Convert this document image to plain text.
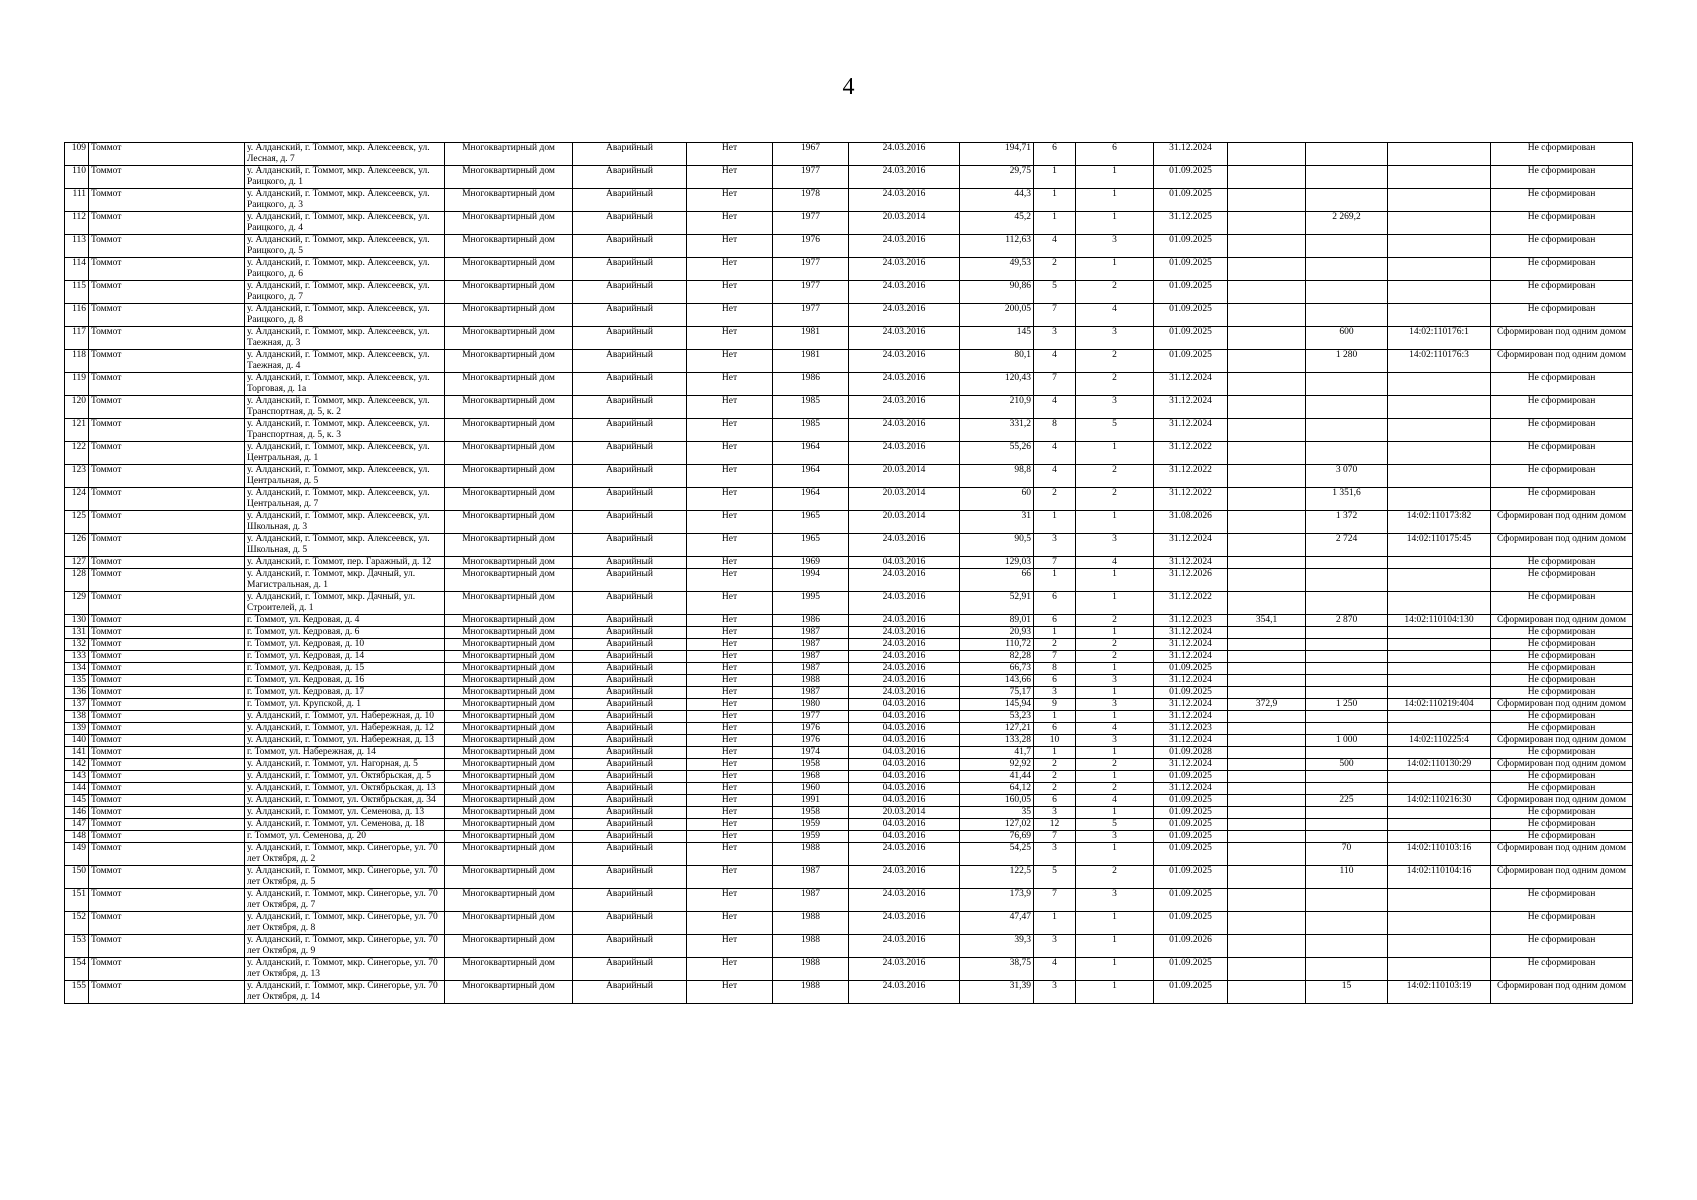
4
109	Томмот	у. Алданский, г. Томмот, мкр. Алексеевск, ул. Лесная, д. 7	Многоквартирный дом	Аварийный	Нет	1967	24.03.2016	194,71	6	6	31.12.2024				Не сформирован
110	Томмот	у. Алданский, г. Томмот, мкр. Алексеевск, ул. Раицкого, д. 1	Многоквартирный дом	Аварийный	Нет	1977	24.03.2016	29,75	1	1	01.09.2025				Не сформирован
111	Томмот	у. Алданский, г. Томмот, мкр. Алексеевск, ул. Раицкого, д. 3	Многоквартирный дом	Аварийный	Нет	1978	24.03.2016	44,3	1	1	01.09.2025				Не сформирован
112	Томмот	у. Алданский, г. Томмот, мкр. Алексеевск, ул. Раицкого, д. 4	Многоквартирный дом	Аварийный	Нет	1977	20.03.2014	45,2	1	1	31.12.2025		2 269,2		Не сформирован
113	Томмот	у. Алданский, г. Томмот, мкр. Алексеевск, ул. Раицкого, д. 5	Многоквартирный дом	Аварийный	Нет	1976	24.03.2016	112,63	4	3	01.09.2025				Не сформирован
114	Томмот	у. Алданский, г. Томмот, мкр. Алексеевск, ул. Раицкого, д. 6	Многоквартирный дом	Аварийный	Нет	1977	24.03.2016	49,53	2	1	01.09.2025				Не сформирован
115	Томмот	у. Алданский, г. Томмот, мкр. Алексеевск, ул. Раицкого, д. 7	Многоквартирный дом	Аварийный	Нет	1977	24.03.2016	90,86	5	2	01.09.2025				Не сформирован
116	Томмот	у. Алданский, г. Томмот, мкр. Алексеевск, ул. Раицкого, д. 8	Многоквартирный дом	Аварийный	Нет	1977	24.03.2016	200,05	7	4	01.09.2025				Не сформирован
117	Томмот	у. Алданский, г. Томмот, мкр. Алексеевск, ул. Таежная, д. 3	Многоквартирный дом	Аварийный	Нет	1981	24.03.2016	145	3	3	01.09.2025		600	14:02:110176:1	Сформирован под одним домом
118	Томмот	у. Алданский, г. Томмот, мкр. Алексеевск, ул. Таежная, д. 4	Многоквартирный дом	Аварийный	Нет	1981	24.03.2016	80,1	4	2	01.09.2025		1 280	14:02:110176:3	Сформирован под одним домом
119	Томмот	у. Алданский, г. Томмот, мкр. Алексеевск, ул. Торговая, д. 1а	Многоквартирный дом	Аварийный	Нет	1986	24.03.2016	120,43	7	2	31.12.2024				Не сформирован
120	Томмот	у. Алданский, г. Томмот, мкр. Алексеевск, ул. Транспортная, д. 5, к. 2	Многоквартирный дом	Аварийный	Нет	1985	24.03.2016	210,9	4	3	31.12.2024				Не сформирован
121	Томмот	у. Алданский, г. Томмот, мкр. Алексеевск, ул. Транспортная, д. 5, к. 3	Многоквартирный дом	Аварийный	Нет	1985	24.03.2016	331,2	8	5	31.12.2024				Не сформирован
122	Томмот	у. Алданский, г. Томмот, мкр. Алексеевск, ул. Центральная, д. 1	Многоквартирный дом	Аварийный	Нет	1964	24.03.2016	55,26	4	1	31.12.2022				Не сформирован
123	Томмот	у. Алданский, г. Томмот, мкр. Алексеевск, ул. Центральная, д. 5	Многоквартирный дом	Аварийный	Нет	1964	20.03.2014	98,8	4	2	31.12.2022		3 070		Не сформирован
124	Томмот	у. Алданский, г. Томмот, мкр. Алексеевск, ул. Центральная, д. 7	Многоквартирный дом	Аварийный	Нет	1964	20.03.2014	60	2	2	31.12.2022		1 351,6		Не сформирован
125	Томмот	у. Алданский, г. Томмот, мкр. Алексеевск, ул. Школьная, д. 3	Многоквартирный дом	Аварийный	Нет	1965	20.03.2014	31	1	1	31.08.2026		1 372	14:02:110173:82	Сформирован под одним домом
126	Томмот	у. Алданский, г. Томмот, мкр. Алексеевск, ул. Школьная, д. 5	Многоквартирный дом	Аварийный	Нет	1965	24.03.2016	90,5	3	3	31.12.2024		2 724	14:02:110175:45	Сформирован под одним домом
127	Томмот	у. Алданский, г. Томмот, пер. Гаражный, д. 12	Многоквартирный дом	Аварийный	Нет	1969	04.03.2016	129,03	7	4	31.12.2024				Не сформирован
128	Томмот	у. Алданский, г. Томмот, мкр. Дачный, ул. Магистральная, д. 1	Многоквартирный дом	Аварийный	Нет	1994	24.03.2016	66	1	1	31.12.2026				Не сформирован
129	Томмот	у. Алданский, г. Томмот, мкр. Дачный, ул. Строителей, д. 1	Многоквартирный дом	Аварийный	Нет	1995	24.03.2016	52,91	6	1	31.12.2022				Не сформирован
130	Томмот	г. Томмот, ул. Кедровая, д. 4	Многоквартирный дом	Аварийный	Нет	1986	24.03.2016	89,01	6	2	31.12.2023	354,1	2 870	14:02:110104:130	Сформирован под одним домом
131	Томмот	г. Томмот, ул. Кедровая, д. 6	Многоквартирный дом	Аварийный	Нет	1987	24.03.2016	20,93	1	1	31.12.2024				Не сформирован
132	Томмот	г. Томмот, ул. Кедровая, д. 10	Многоквартирный дом	Аварийный	Нет	1987	24.03.2016	110,72	2	2	31.12.2024				Не сформирован
133	Томмот	г. Томмот, ул. Кедровая, д. 14	Многоквартирный дом	Аварийный	Нет	1987	24.03.2016	82,28	7	2	31.12.2024				Не сформирован
134	Томмот	г. Томмот, ул. Кедровая, д. 15	Многоквартирный дом	Аварийный	Нет	1987	24.03.2016	66,73	8	1	01.09.2025				Не сформирован
135	Томмот	г. Томмот, ул. Кедровая, д. 16	Многоквартирный дом	Аварийный	Нет	1988	24.03.2016	143,66	6	3	31.12.2024				Не сформирован
136	Томмот	г. Томмот, ул. Кедровая, д. 17	Многоквартирный дом	Аварийный	Нет	1987	24.03.2016	75,17	3	1	01.09.2025				Не сформирован
137	Томмот	г. Томмот, ул. Крупской, д. 1	Многоквартирный дом	Аварийный	Нет	1980	04.03.2016	145,94	9	3	31.12.2024	372,9	1 250	14:02:110219:404	Сформирован под одним домом
138	Томмот	у. Алданский, г. Томмот, ул. Набережная, д. 10	Многоквартирный дом	Аварийный	Нет	1977	04.03.2016	53,23	1	1	31.12.2024				Не сформирован
139	Томмот	у. Алданский, г. Томмот, ул. Набережная, д. 12	Многоквартирный дом	Аварийный	Нет	1976	04.03.2016	127,21	6	4	31.12.2023				Не сформирован
140	Томмот	у. Алданский, г. Томмот, ул. Набережная, д. 13	Многоквартирный дом	Аварийный	Нет	1976	04.03.2016	133,28	10	3	31.12.2024		1 000	14:02:110225:4	Сформирован под одним домом
141	Томмот	г. Томмот, ул. Набережная, д. 14	Многоквартирный дом	Аварийный	Нет	1974	04.03.2016	41,7	1	1	01.09.2028				Не сформирован
142	Томмот	у. Алданский, г. Томмот, ул. Нагорная, д. 5	Многоквартирный дом	Аварийный	Нет	1958	04.03.2016	92,92	2	2	31.12.2024		500	14:02:110130:29	Сформирован под одним домом
143	Томмот	у. Алданский, г. Томмот, ул. Октябрьская, д. 5	Многоквартирный дом	Аварийный	Нет	1968	04.03.2016	41,44	2	1	01.09.2025				Не сформирован
144	Томмот	у. Алданский, г. Томмот, ул. Октябрьская, д. 13	Многоквартирный дом	Аварийный	Нет	1960	04.03.2016	64,12	2	2	31.12.2024				Не сформирован
145	Томмот	у. Алданский, г. Томмот, ул. Октябрьская, д. 34	Многоквартирный дом	Аварийный	Нет	1991	04.03.2016	160,05	6	4	01.09.2025		225	14:02:110216:30	Сформирован под одним домом
146	Томмот	у. Алданский, г. Томмот, ул. Семенова, д. 13	Многоквартирный дом	Аварийный	Нет	1958	20.03.2014	35	3	1	01.09.2025				Не сформирован
147	Томмот	у. Алданский, г. Томмот, ул. Семенова, д. 18	Многоквартирный дом	Аварийный	Нет	1959	04.03.2016	127,02	12	5	01.09.2025				Не сформирован
148	Томмот	г. Томмот, ул. Семенова, д. 20	Многоквартирный дом	Аварийный	Нет	1959	04.03.2016	76,69	7	3	01.09.2025				Не сформирован
149	Томмот	у. Алданский, г. Томмот, мкр. Синегорье, ул. 70 лет Октября, д. 2	Многоквартирный дом	Аварийный	Нет	1988	24.03.2016	54,25	3	1	01.09.2025		70	14:02:110103:16	Сформирован под одним домом
150	Томмот	у. Алданский, г. Томмот, мкр. Синегорье, ул. 70 лет Октября, д. 5	Многоквартирный дом	Аварийный	Нет	1987	24.03.2016	122,5	5	2	01.09.2025		110	14:02:110104:16	Сформирован под одним домом
151	Томмот	у. Алданский, г. Томмот, мкр. Синегорье, ул. 70 лет Октября, д. 7	Многоквартирный дом	Аварийный	Нет	1987	24.03.2016	173,9	7	3	01.09.2025				Не сформирован
152	Томмот	у. Алданский, г. Томмот, мкр. Синегорье, ул. 70 лет Октября, д. 8	Многоквартирный дом	Аварийный	Нет	1988	24.03.2016	47,47	1	1	01.09.2025				Не сформирован
153	Томмот	у. Алданский, г. Томмот, мкр. Синегорье, ул. 70 лет Октября, д. 9	Многоквартирный дом	Аварийный	Нет	1988	24.03.2016	39,3	3	1	01.09.2026				Не сформирован
154	Томмот	у. Алданский, г. Томмот, мкр. Синегорье, ул. 70 лет Октября, д. 13	Многоквартирный дом	Аварийный	Нет	1988	24.03.2016	38,75	4	1	01.09.2025				Не сформирован
155	Томмот	у. Алданский, г. Томмот, мкр. Синегорье, ул. 70 лет Октября, д. 14	Многоквартирный дом	Аварийный	Нет	1988	24.03.2016	31,39	3	1	01.09.2025		15	14:02:110103:19	Сформирован под одним домом
